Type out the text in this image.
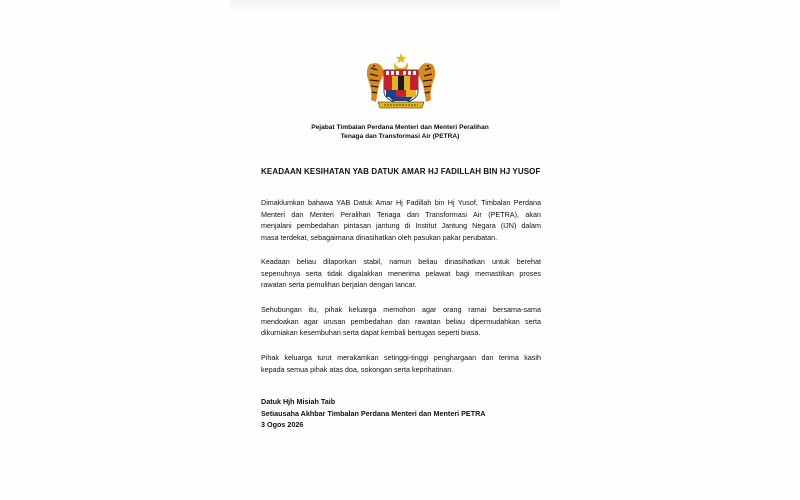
Pejabat Timbalan Perdana Menteri dan Menteri Peralihan
Tenaga dan Transformasi Air (PETRA)
KEADAAN KESIHATAN YAB DATUK AMAR HJ FADILLAH BIN HJ YUSOF
Dimaklumkan bahawa YAB Datuk Amar Hj Fadillah bin Hj Yusof, Timbalan Perdana
Menteri dan Menteri Peralihan Tenaga dan Transformasi Air (PETRA), akan
menjalani pembedahan pintasan jantung di Institut Jantung Negara (IJN) dalam
masa terdekat, sebagaimana dinasihatkan oleh pasukan pakar perubatan.
Keadaan beliau dilaporkan stabil, namun beliau dinasihatkan untuk berehat
sepenuhnya serta tidak digalakkan menerima pelawat bagi memastikan proses
rawatan serta pemulihan berjalan dengan lancar.
Sehubungan itu, pihak keluarga memohon agar orang ramai bersama-sama
mendoakan agar urusan pembedahan dan rawatan beliau dipermudahkan serta
dikurniakan kesembuhan serta dapat kembali bertugas seperti biasa.
Pihak keluarga turut merakamkan setinggi-tinggi penghargaan dan terima kasih
kepada semua pihak atas doa, sokongan serta keprihatinan.
Datuk Hjh Misiah Taib
Setiausaha Akhbar Timbalan Perdana Menteri dan Menteri PETRA
3 Ogos 2026
